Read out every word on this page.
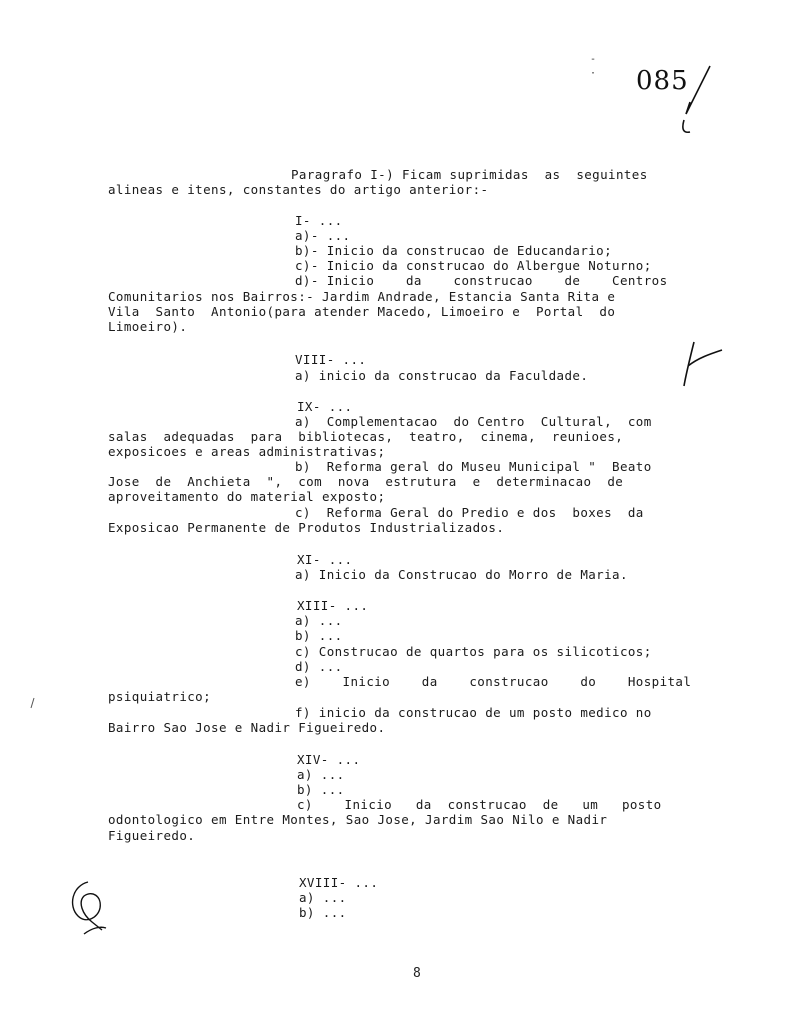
-
· 085
Paragrafo I-) Ficam suprimidas  as  seguintes
alineas e itens, constantes do artigo anterior:-
I- ...
a)- ...
b)- Inicio da construcao de Educandario;
c)- Inicio da construcao do Albergue Noturno;
d)- Inicio    da    construcao    de    Centros
Comunitarios nos Bairros:- Jardim Andrade, Estancia Santa Rita e
Vila  Santo  Antonio(para atender Macedo, Limoeiro e  Portal  do
Limoeiro).
VIII- ...
a) inicio da construcao da Faculdade.
IX- ...
a)  Complementacao  do Centro  Cultural,  com
salas  adequadas  para  bibliotecas,  teatro,  cinema,  reunioes,
exposicoes e areas administrativas;
b)  Reforma geral do Museu Municipal "  Beato
Jose  de  Anchieta  ",  com  nova  estrutura  e  determinacao  de
aproveitamento do material exposto;
c)  Reforma Geral do Predio e dos  boxes  da
Exposicao Permanente de Produtos Industrializados.
XI- ...
a) Inicio da Construcao do Morro de Maria.
XIII- ...
a) ...
b) ...
c) Construcao de quartos para os silicoticos;
d) ...
e)    Inicio    da    construcao    do    Hospital
psiquiatrico;
f) inicio da construcao de um posto medico no
Bairro Sao Jose e Nadir Figueiredo.
XIV- ...
a) ...
b) ...
c)    Inicio   da  construcao  de   um   posto
odontologico em Entre Montes, Sao Jose, Jardim Sao Nilo e Nadir
Figueiredo.
XVIII- ...
a) ...
b) ...
8
